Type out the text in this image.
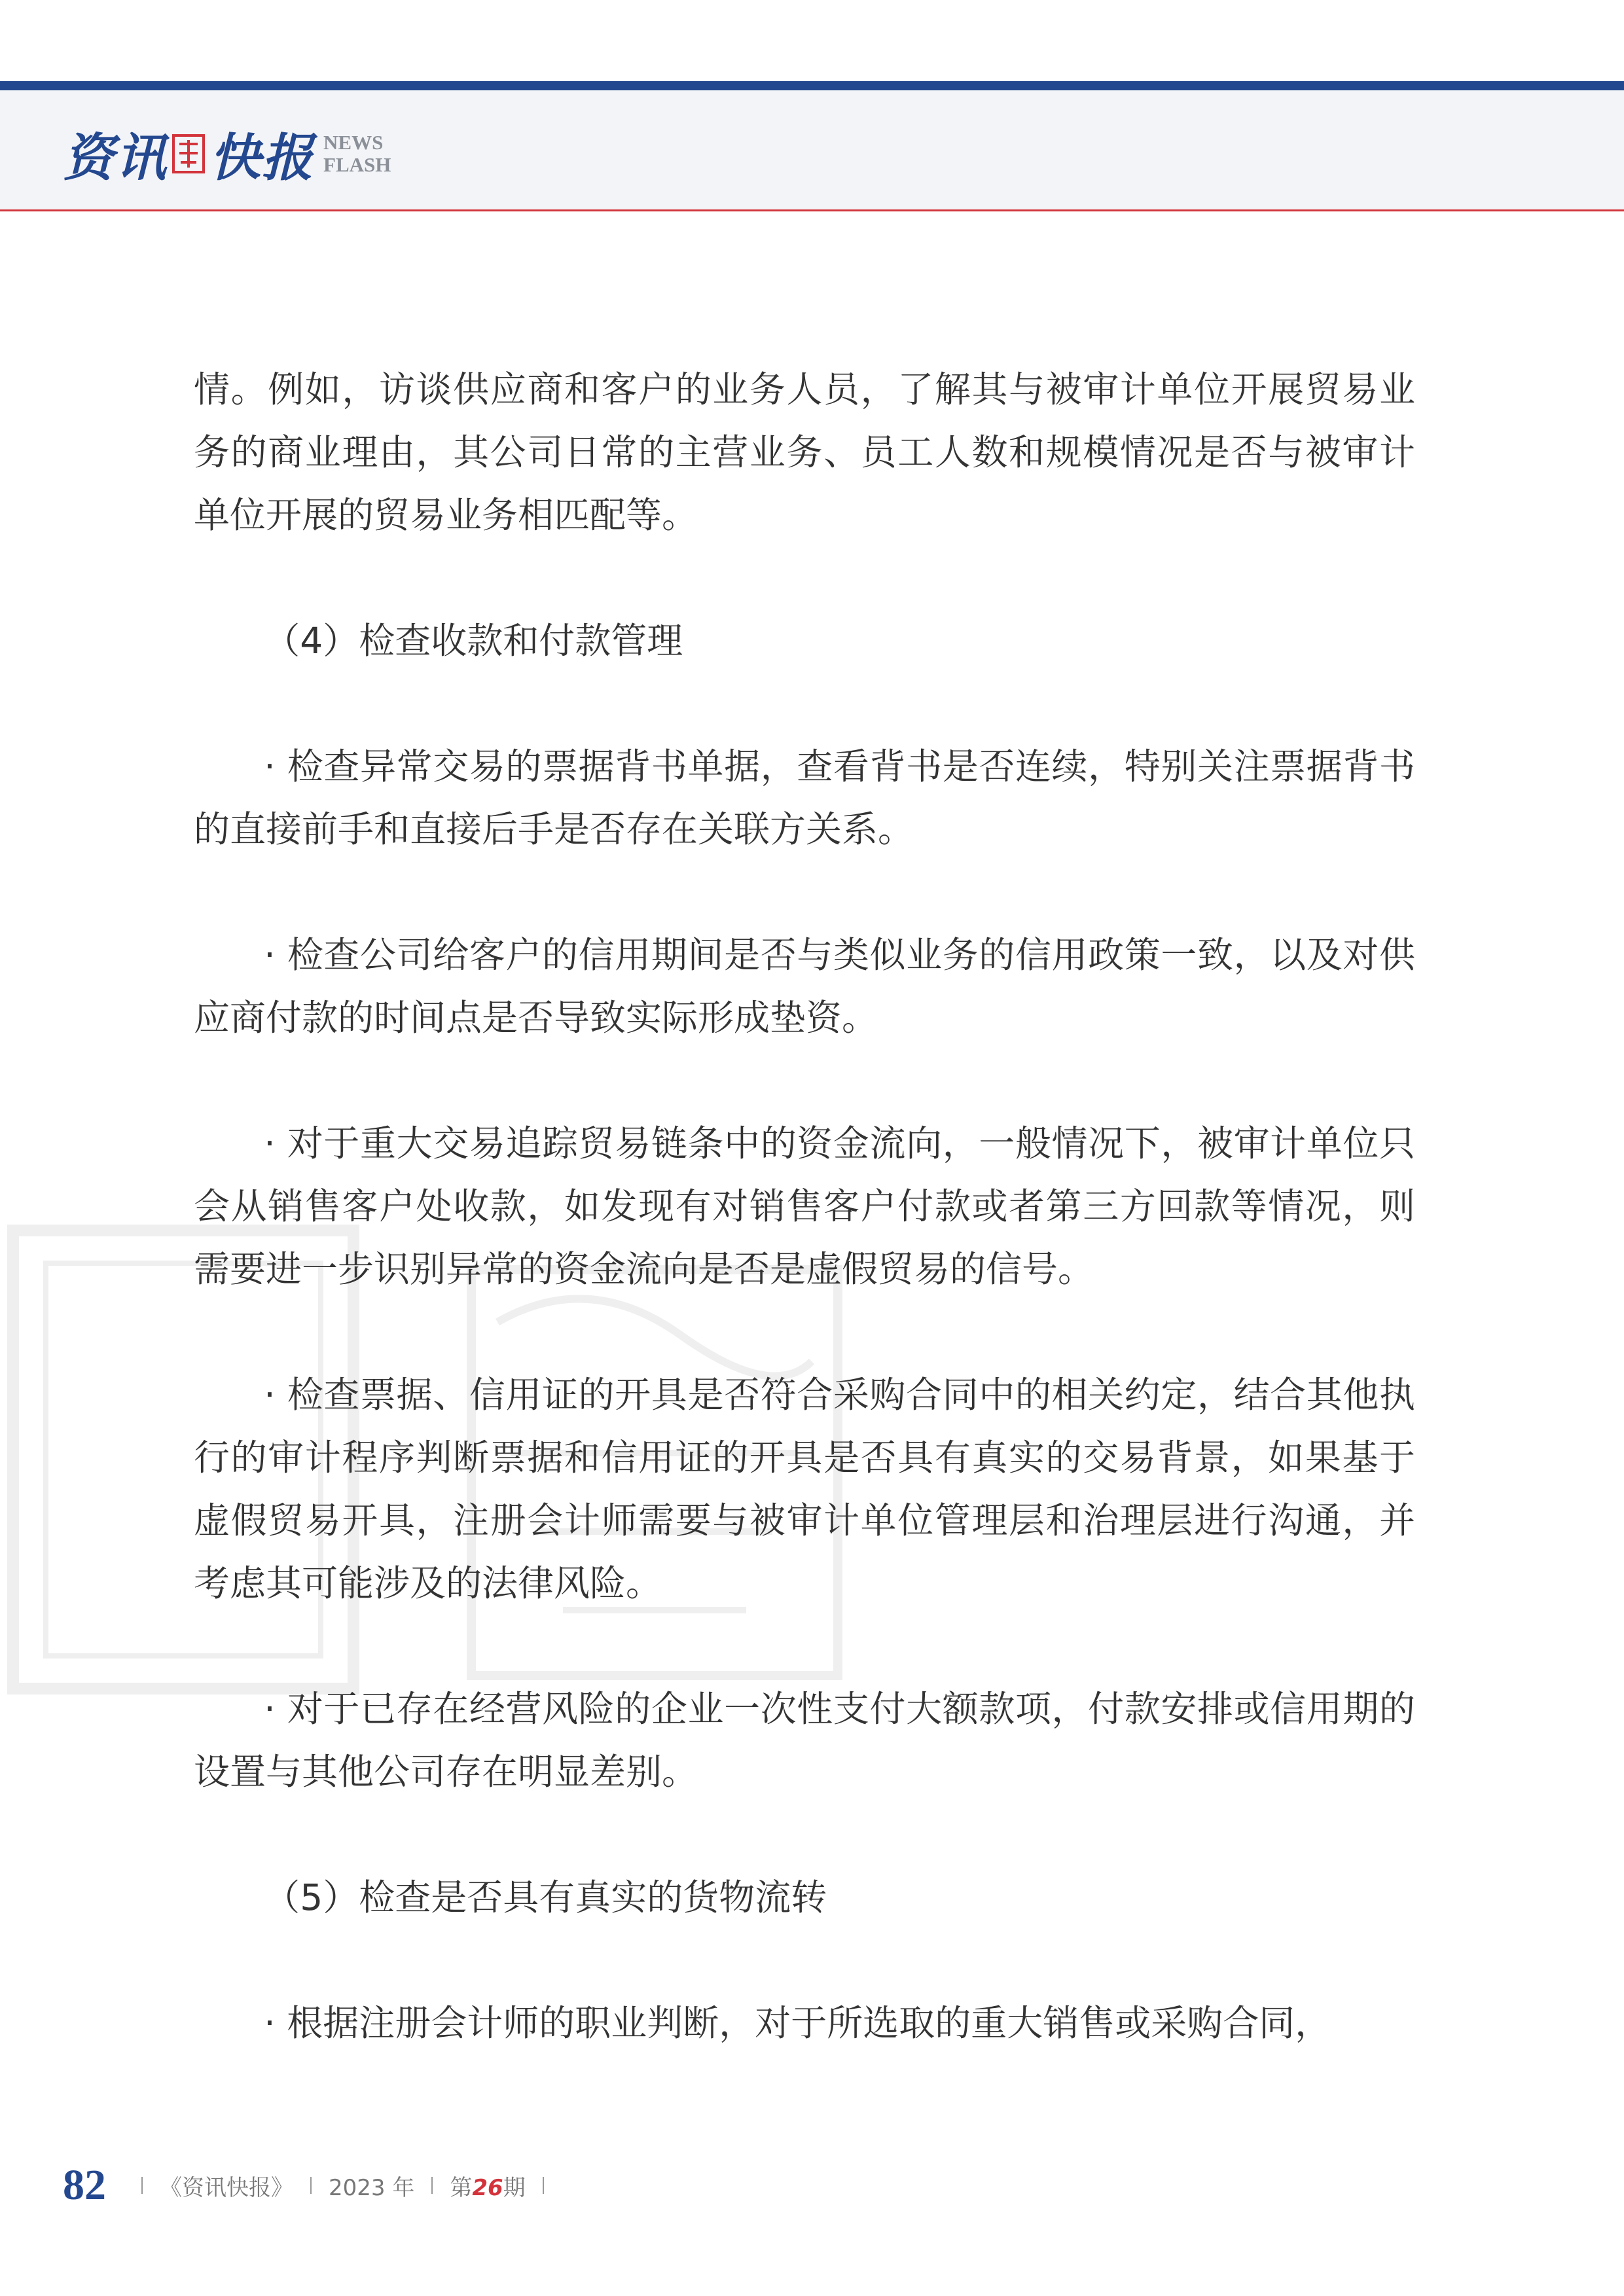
资讯 快报 NEWS
FLASH

情。例如，访谈供应商和客户的业务人员，了解其与被审计单位开展贸易业务的商业理由，其公司日常的主营业务、员工人数和规模情况是否与被审计单位开展的贸易业务相匹配等。

（4）检查收款和付款管理

· 检查异常交易的票据背书单据，查看背书是否连续，特别关注票据背书的直接前手和直接后手是否存在关联方关系。

· 检查公司给客户的信用期间是否与类似业务的信用政策一致，以及对供应商付款的时间点是否导致实际形成垫资。

· 对于重大交易追踪贸易链条中的资金流向，一般情况下，被审计单位只会从销售客户处收款，如发现有对销售客户付款或者第三方回款等情况，则需要进一步识别异常的资金流向是否是虚假贸易的信号。

· 检查票据、信用证的开具是否符合采购合同中的相关约定，结合其他执行的审计程序判断票据和信用证的开具是否具有真实的交易背景，如果基于虚假贸易开具，注册会计师需要与被审计单位管理层和治理层进行沟通，并考虑其可能涉及的法律风险。

· 对于已存在经营风险的企业一次性支付大额款项，付款安排或信用期的设置与其他公司存在明显差别。

（5）检查是否具有真实的货物流转

· 根据注册会计师的职业判断，对于所选取的重大销售或采购合同，

82 《资讯快报》 2023 年 第26期
